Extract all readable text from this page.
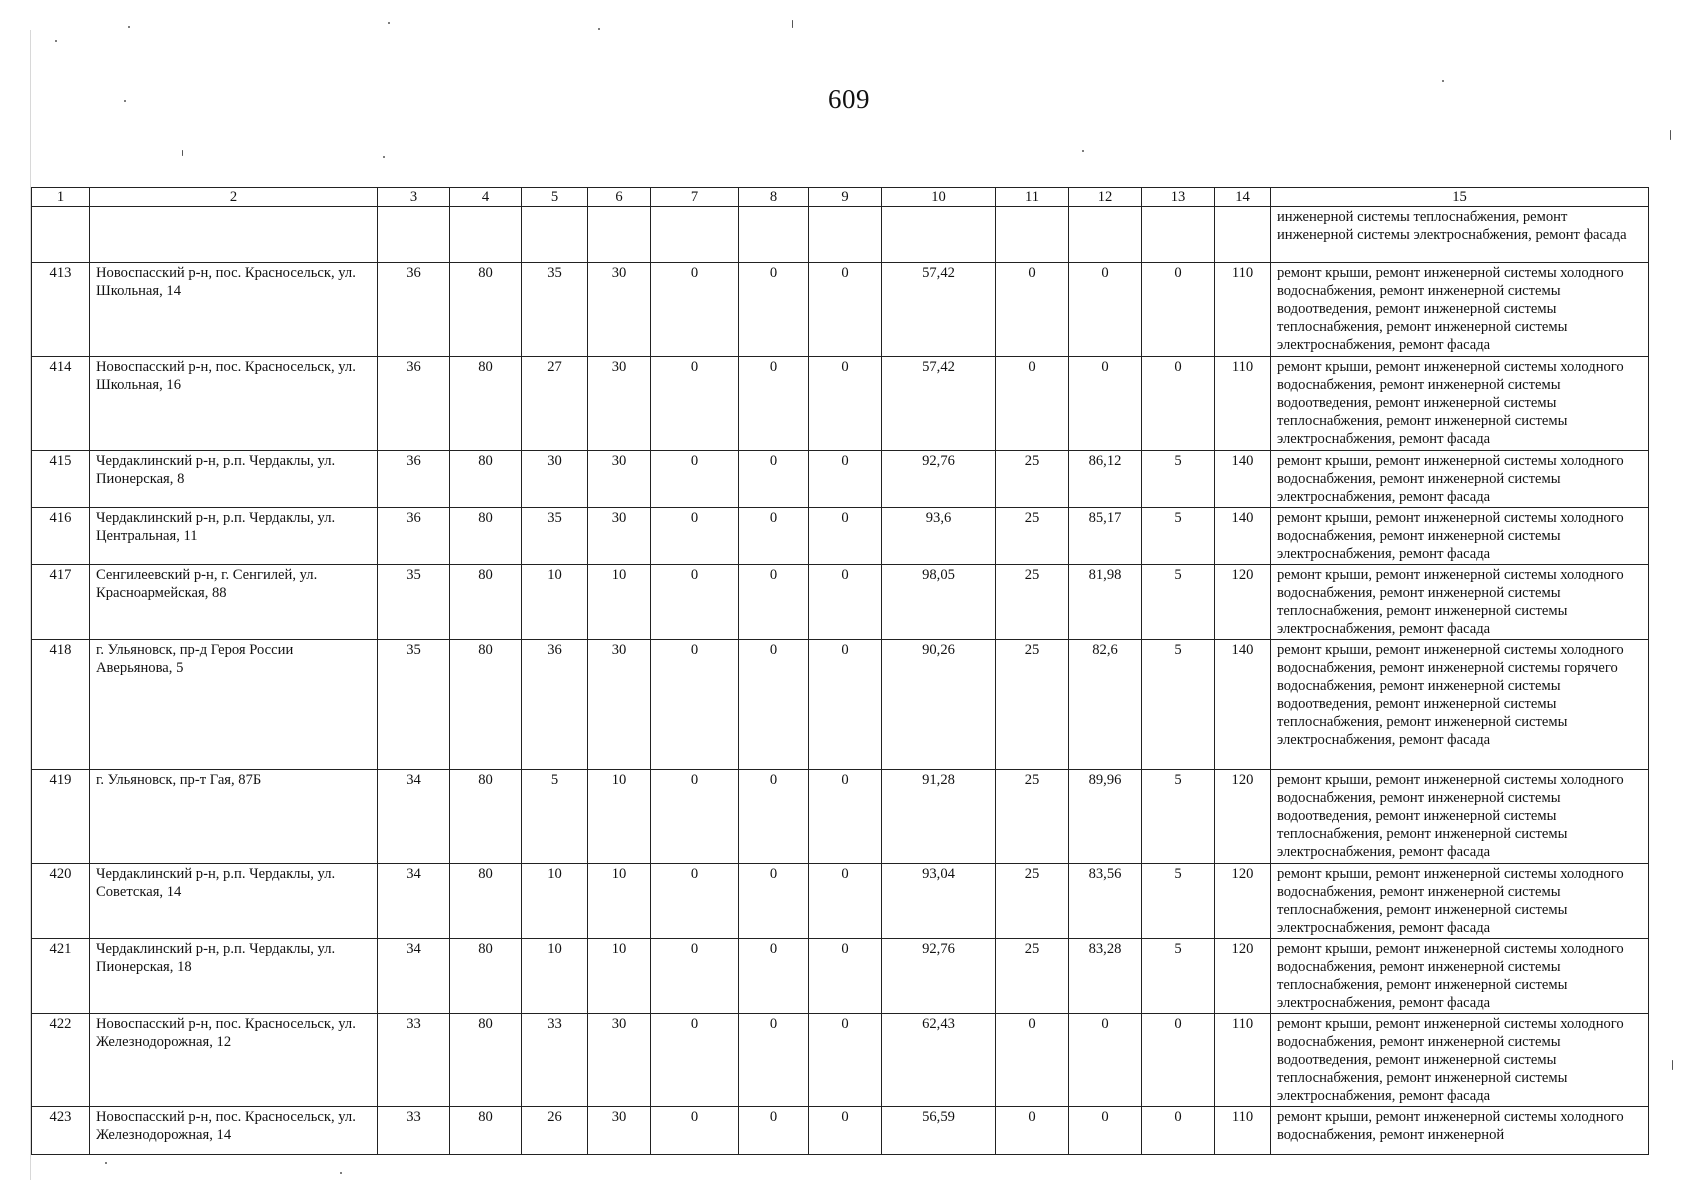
609
1	2	3	4	5	6	7	8	9	10	11	12	13	14	15
														инженерной системы теплоснабжения, ремонт инженерной системы электроснабжения, ремонт фасада
413	Новоспасский р-н, пос. Красносельск, ул. Школьная, 14	36	80	35	30	0	0	0	57,42	0	0	0	110	ремонт крыши, ремонт инженерной системы холодного водоснабжения, ремонт инженерной системы водоотведения, ремонт инженерной системы теплоснабжения, ремонт инженерной системы электроснабжения, ремонт фасада
414	Новоспасский р-н, пос. Красносельск, ул. Школьная, 16	36	80	27	30	0	0	0	57,42	0	0	0	110	ремонт крыши, ремонт инженерной системы холодного водоснабжения, ремонт инженерной системы водоотведения, ремонт инженерной системы теплоснабжения, ремонт инженерной системы электроснабжения, ремонт фасада
415	Чердаклинский р-н, р.п. Чердаклы, ул. Пионерская, 8	36	80	30	30	0	0	0	92,76	25	86,12	5	140	ремонт крыши, ремонт инженерной системы холодного водоснабжения, ремонт инженерной системы электроснабжения, ремонт фасада
416	Чердаклинский р-н, р.п. Чердаклы, ул. Центральная, 11	36	80	35	30	0	0	0	93,6	25	85,17	5	140	ремонт крыши, ремонт инженерной системы холодного водоснабжения, ремонт инженерной системы электроснабжения, ремонт фасада
417	Сенгилеевский р-н, г. Сенгилей, ул. Красноармейская, 88	35	80	10	10	0	0	0	98,05	25	81,98	5	120	ремонт крыши, ремонт инженерной системы холодного водоснабжения, ремонт инженерной системы теплоснабжения, ремонт инженерной системы электроснабжения, ремонт фасада
418	г. Ульяновск, пр-д Героя России Аверьянова, 5	35	80	36	30	0	0	0	90,26	25	82,6	5	140	ремонт крыши, ремонт инженерной системы холодного водоснабжения, ремонт инженерной системы горячего водоснабжения, ремонт инженерной системы водоотведения, ремонт инженерной системы теплоснабжения, ремонт инженерной системы электроснабжения, ремонт фасада
419	г. Ульяновск, пр-т Гая, 87Б	34	80	5	10	0	0	0	91,28	25	89,96	5	120	ремонт крыши, ремонт инженерной системы холодного водоснабжения, ремонт инженерной системы водоотведения, ремонт инженерной системы теплоснабжения, ремонт инженерной системы электроснабжения, ремонт фасада
420	Чердаклинский р-н, р.п. Чердаклы, ул. Советская, 14	34	80	10	10	0	0	0	93,04	25	83,56	5	120	ремонт крыши, ремонт инженерной системы холодного водоснабжения, ремонт инженерной системы теплоснабжения, ремонт инженерной системы электроснабжения, ремонт фасада
421	Чердаклинский р-н, р.п. Чердаклы, ул. Пионерская, 18	34	80	10	10	0	0	0	92,76	25	83,28	5	120	ремонт крыши, ремонт инженерной системы холодного водоснабжения, ремонт инженерной системы теплоснабжения, ремонт инженерной системы электроснабжения, ремонт фасада
422	Новоспасский р-н, пос. Красносельск, ул. Железнодорожная, 12	33	80	33	30	0	0	0	62,43	0	0	0	110	ремонт крыши, ремонт инженерной системы холодного водоснабжения, ремонт инженерной системы водоотведения, ремонт инженерной системы теплоснабжения, ремонт инженерной системы электроснабжения, ремонт фасада
423	Новоспасский р-н, пос. Красносельск, ул. Железнодорожная, 14	33	80	26	30	0	0	0	56,59	0	0	0	110	ремонт крыши, ремонт инженерной системы холодного водоснабжения, ремонт инженерной
